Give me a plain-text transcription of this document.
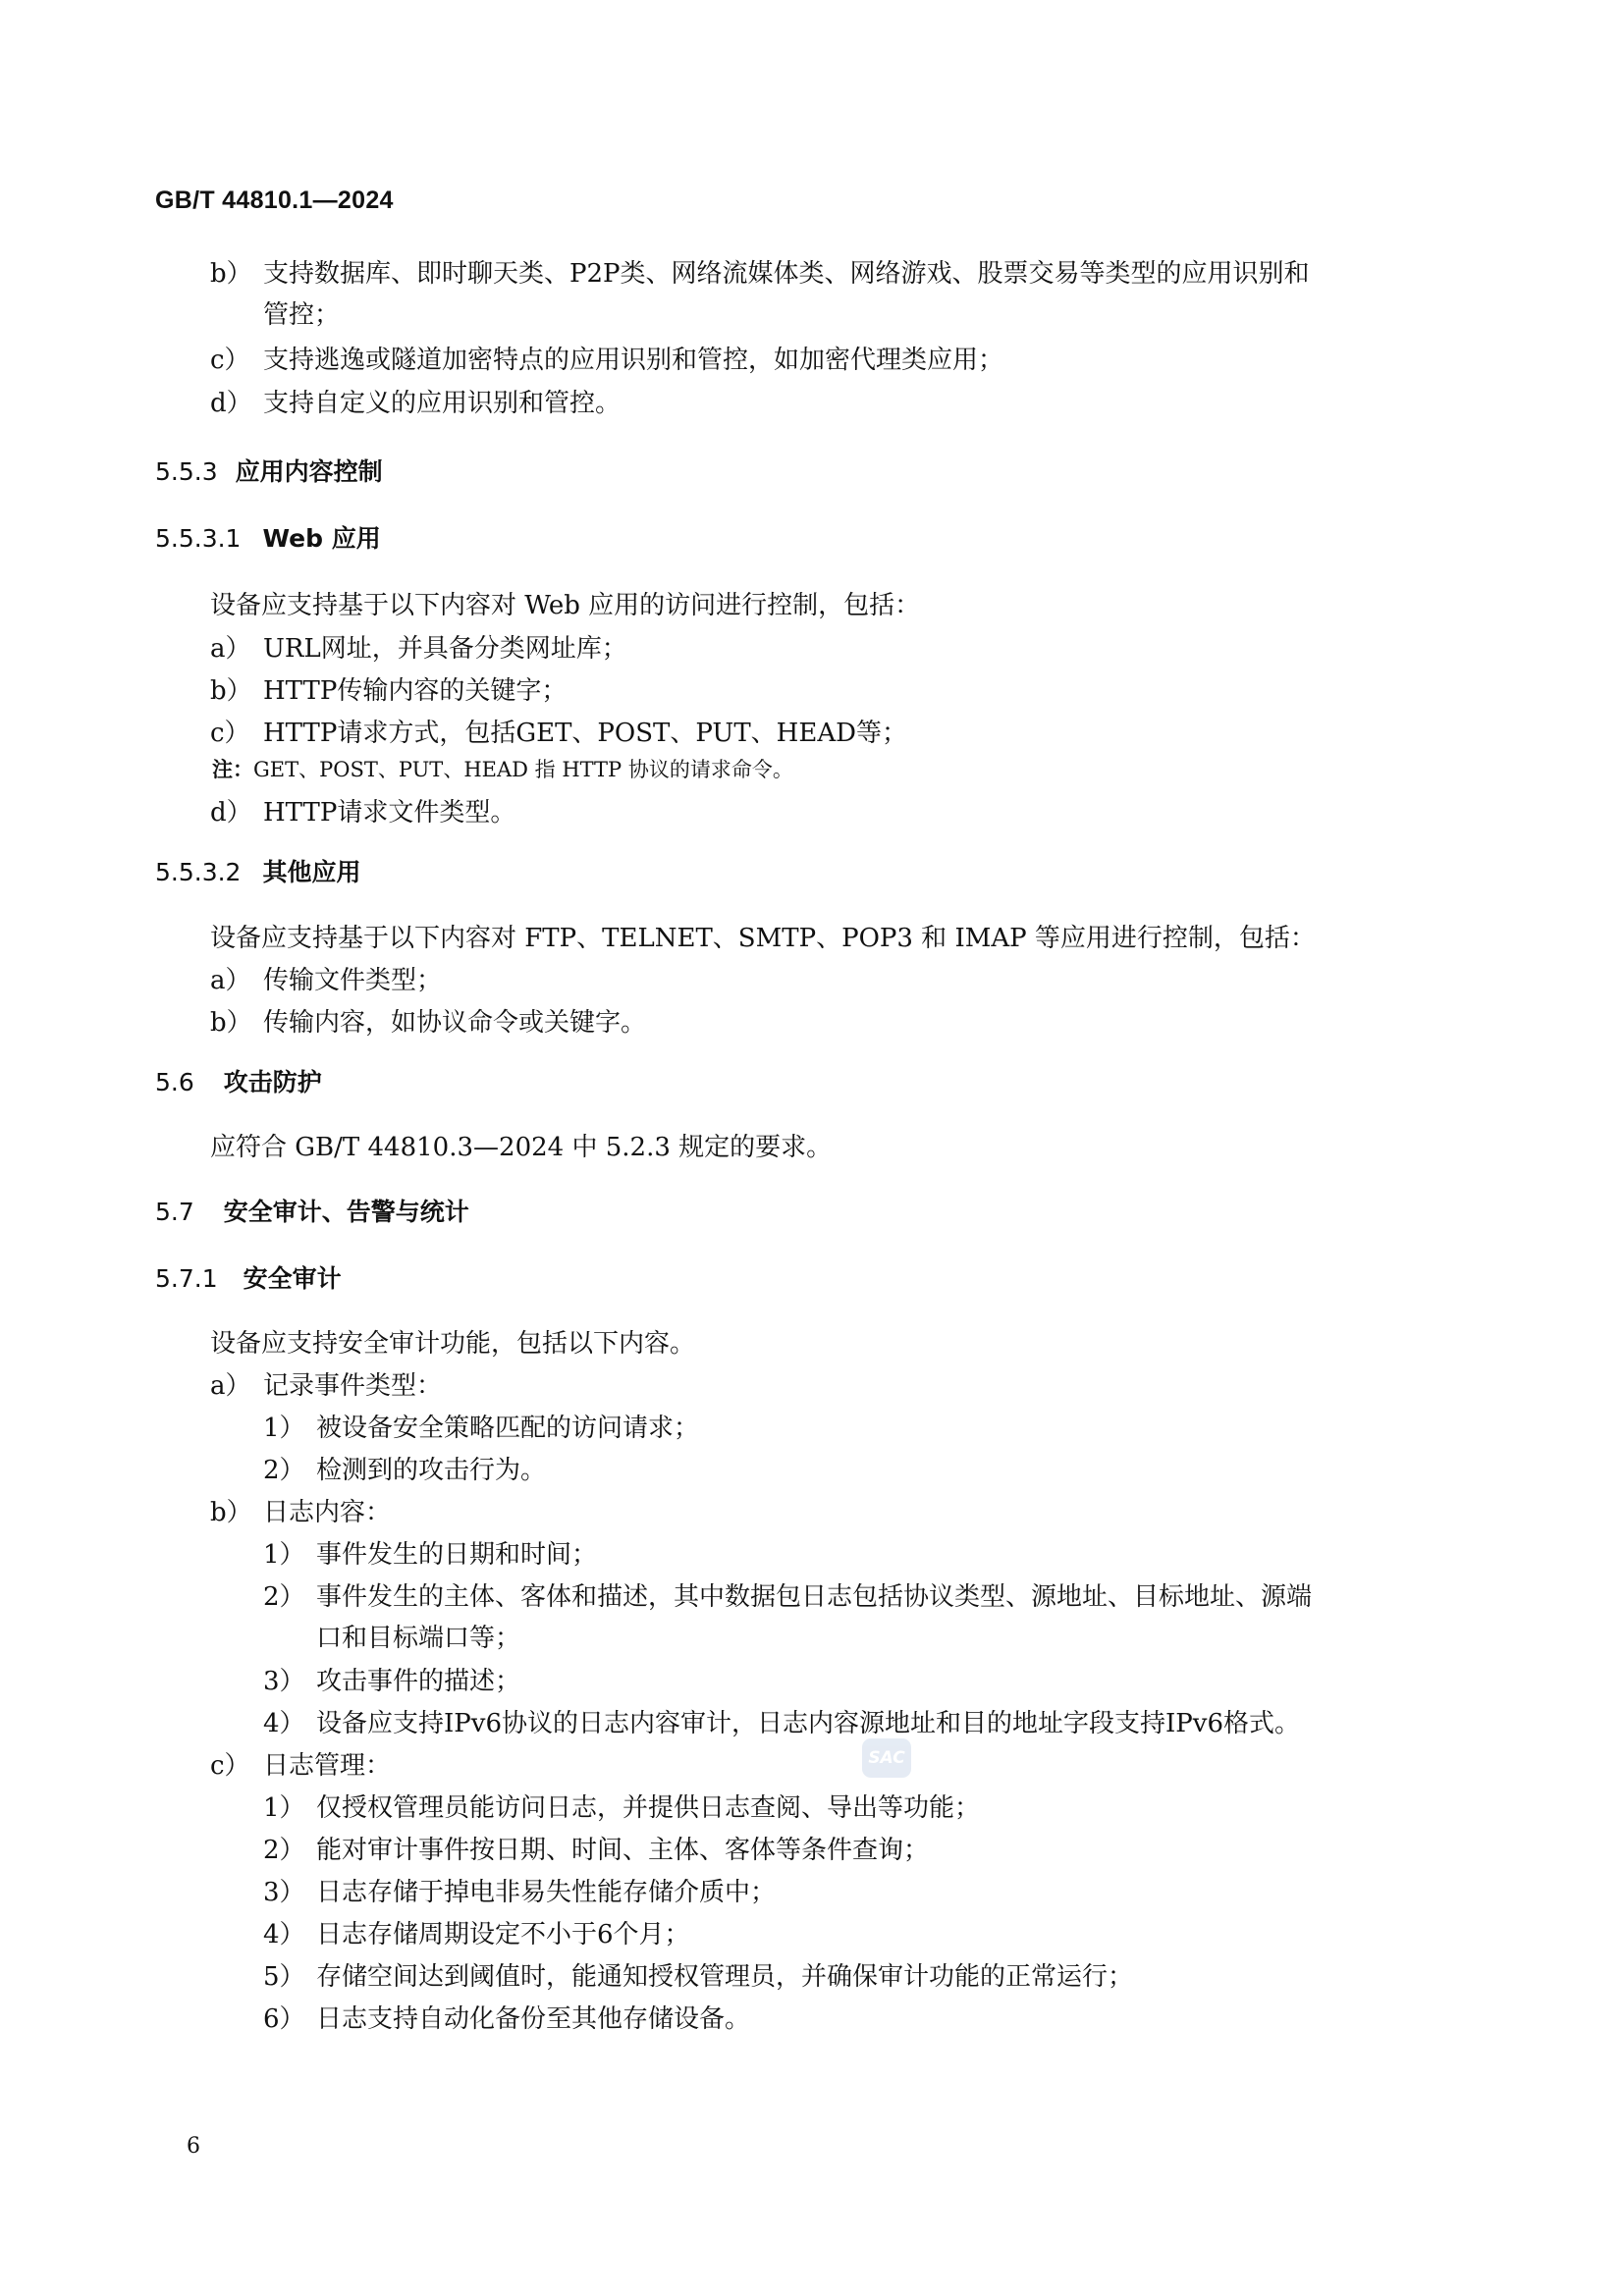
GB/T 44810.1—2024
b） 支持数据库、即时聊天类、P2P类、网络流媒体类、网络游戏、股票交易等类型的应用识别和
管控；
c） 支持逃逸或隧道加密特点的应用识别和管控，如加密代理类应用；
d） 支持自定义的应用识别和管控。
5.5.3 应用内容控制
5.5.3.1 Web 应用
设备应支持基于以下内容对 Web 应用的访问进行控制，包括：
a） URL网址，并具备分类网址库；
b） HTTP传输内容的关键字；
c） HTTP请求方式，包括GET、POST、PUT、HEAD等；
注：GET、POST、PUT、HEAD 指 HTTP 协议的请求命令。
d） HTTP请求文件类型。
5.5.3.2 其他应用
设备应支持基于以下内容对 FTP、TELNET、SMTP、POP3 和 IMAP 等应用进行控制，包括：
a） 传输文件类型；
b） 传输内容，如协议命令或关键字。
5.6 攻击防护
应符合 GB/T 44810.3—2024 中 5.2.3 规定的要求。
5.7 安全审计、告警与统计
5.7.1 安全审计
设备应支持安全审计功能，包括以下内容。
a） 记录事件类型：
1） 被设备安全策略匹配的访问请求；
2） 检测到的攻击行为。
b） 日志内容：
1） 事件发生的日期和时间；
2） 事件发生的主体、客体和描述，其中数据包日志包括协议类型、源地址、目标地址、源端
口和目标端口等；
3） 攻击事件的描述；
4） 设备应支持IPv6协议的日志内容审计，日志内容源地址和目的地址字段支持IPv6格式。
c） 日志管理：
1） 仅授权管理员能访问日志，并提供日志查阅、导出等功能；
2） 能对审计事件按日期、时间、主体、客体等条件查询；
3） 日志存储于掉电非易失性能存储介质中；
4） 日志存储周期设定不小于6个月；
5） 存储空间达到阈值时，能通知授权管理员，并确保审计功能的正常运行；
6） 日志支持自动化备份至其他存储设备。
SAC
6
